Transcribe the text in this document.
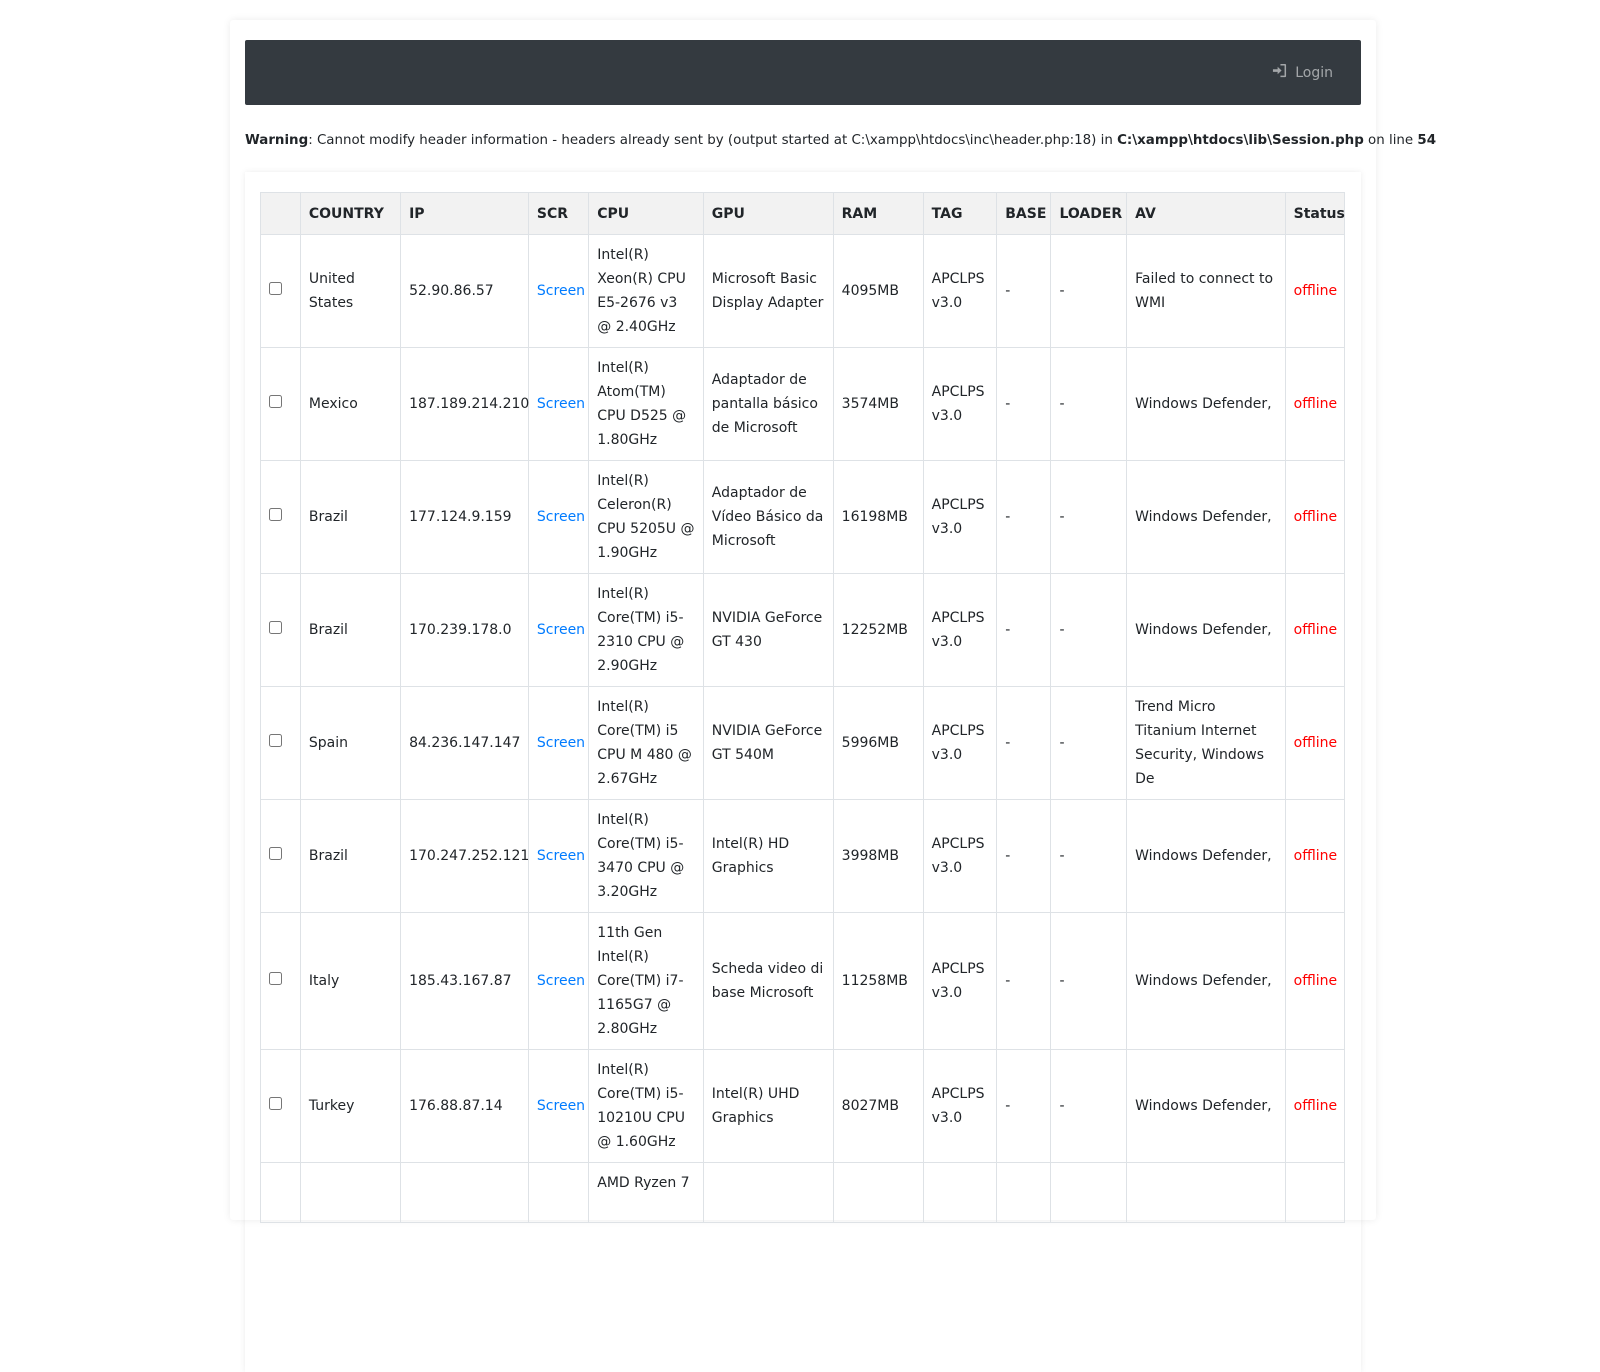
Login
Warning: Cannot modify header information - headers already sent by (output started at C:\xampp\htdocs\inc\header.php:18) in C:\xampp\htdocs\lib\Session.php on line 54
	COUNTRY	IP	SCR	CPU	GPU	RAM	TAG	BASE	LOADER	AV	Status
	United States	52.90.86.57	Screen	Intel(R) Xeon(R) CPU E5-2676 v3 @ 2.40GHz	Microsoft Basic Display Adapter	4095MB	APCLPS v3.0	-	-	Failed to connect to WMI	offline
	Mexico	187.189.214.210	Screen	Intel(R) Atom(TM) CPU D525 @ 1.80GHz	Adaptador de pantalla básico de Microsoft	3574MB	APCLPS v3.0	-	-	Windows Defender,	offline
	Brazil	177.124.9.159	Screen	Intel(R) Celeron(R) CPU 5205U @ 1.90GHz	Adaptador de Vídeo Básico da Microsoft	16198MB	APCLPS v3.0	-	-	Windows Defender,	offline
	Brazil	170.239.178.0	Screen	Intel(R) Core(TM) i5-2310 CPU @ 2.90GHz	NVIDIA GeForce GT 430	12252MB	APCLPS v3.0	-	-	Windows Defender,	offline
	Spain	84.236.147.147	Screen	Intel(R) Core(TM) i5 CPU M 480 @ 2.67GHz	NVIDIA GeForce GT 540M	5996MB	APCLPS v3.0	-	-	Trend Micro Titanium Internet Security, Windows De	offline
	Brazil	170.247.252.121	Screen	Intel(R) Core(TM) i5-3470 CPU @ 3.20GHz	Intel(R) HD Graphics	3998MB	APCLPS v3.0	-	-	Windows Defender,	offline
	Italy	185.43.167.87	Screen	11th Gen Intel(R) Core(TM) i7-1165G7 @ 2.80GHz	Scheda video di base Microsoft	11258MB	APCLPS v3.0	-	-	Windows Defender,	offline
	Turkey	176.88.87.14	Screen	Intel(R) Core(TM) i5-10210U CPU @ 1.60GHz	Intel(R) UHD Graphics	8027MB	APCLPS v3.0	-	-	Windows Defender,	offline
				AMD Ryzen 7							
